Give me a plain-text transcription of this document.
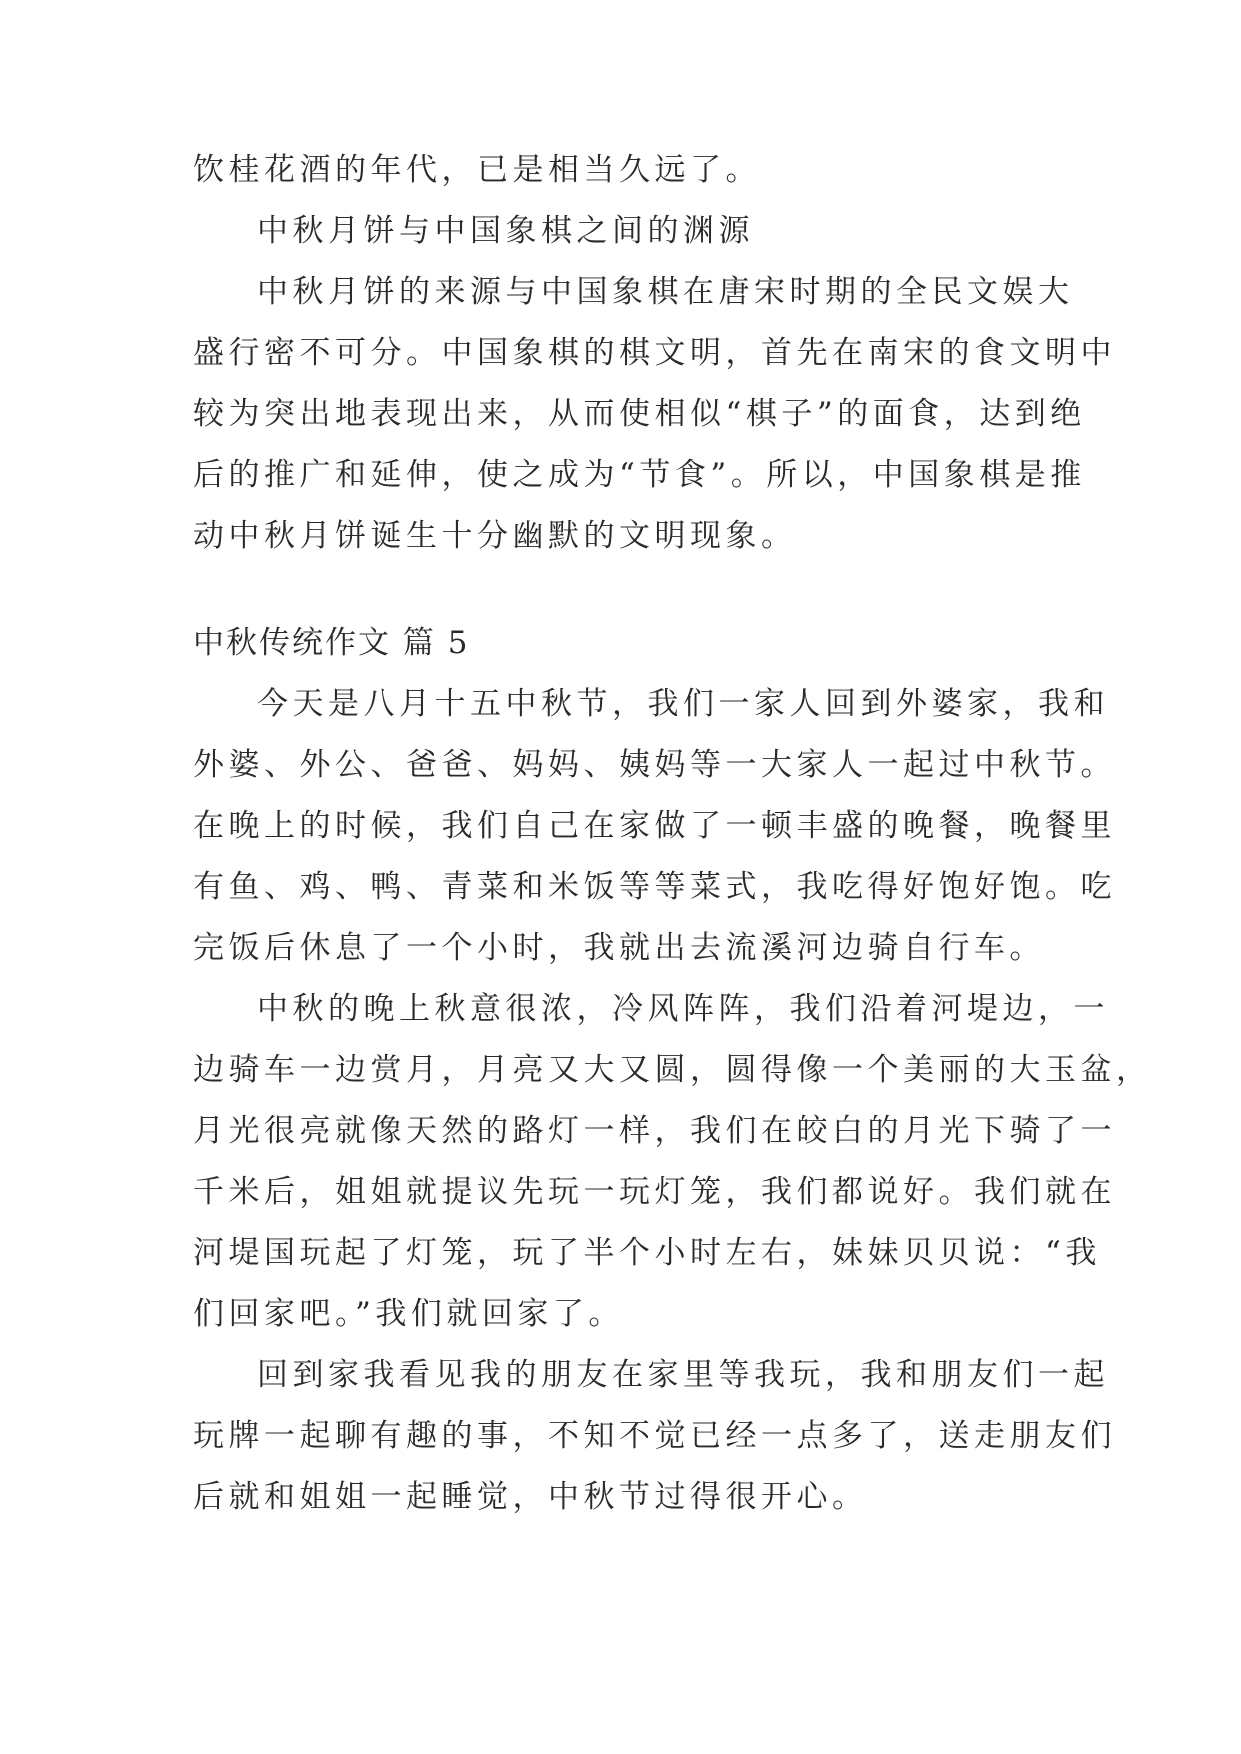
饮桂花酒的年代，已是相当久远了。
中秋月饼与中国象棋之间的渊源
中秋月饼的来源与中国象棋在唐宋时期的全民文娱大
盛行密不可分。中国象棋的棋文明，首先在南宋的食文明中
较为突出地表现出来，从而使相似“棋子”的面食，达到绝
后的推广和延伸，使之成为“节食”。所以，中国象棋是推
动中秋月饼诞生十分幽默的文明现象。
中秋传统作文 篇 5
今天是八月十五中秋节，我们一家人回到外婆家，我和
外婆、外公、爸爸、妈妈、姨妈等一大家人一起过中秋节。
在晚上的时候，我们自己在家做了一顿丰盛的晚餐，晚餐里
有鱼、鸡、鸭、青菜和米饭等等菜式，我吃得好饱好饱。吃
完饭后休息了一个小时，我就出去流溪河边骑自行车。
中秋的晚上秋意很浓，冷风阵阵，我们沿着河堤边，一
边骑车一边赏月，月亮又大又圆，圆得像一个美丽的大玉盆，
月光很亮就像天然的路灯一样，我们在皎白的月光下骑了一
千米后，姐姐就提议先玩一玩灯笼，我们都说好。我们就在
河堤国玩起了灯笼，玩了半个小时左右，妹妹贝贝说：“我
们回家吧。”我们就回家了。
回到家我看见我的朋友在家里等我玩，我和朋友们一起
玩牌一起聊有趣的事，不知不觉已经一点多了，送走朋友们
后就和姐姐一起睡觉，中秋节过得很开心。
